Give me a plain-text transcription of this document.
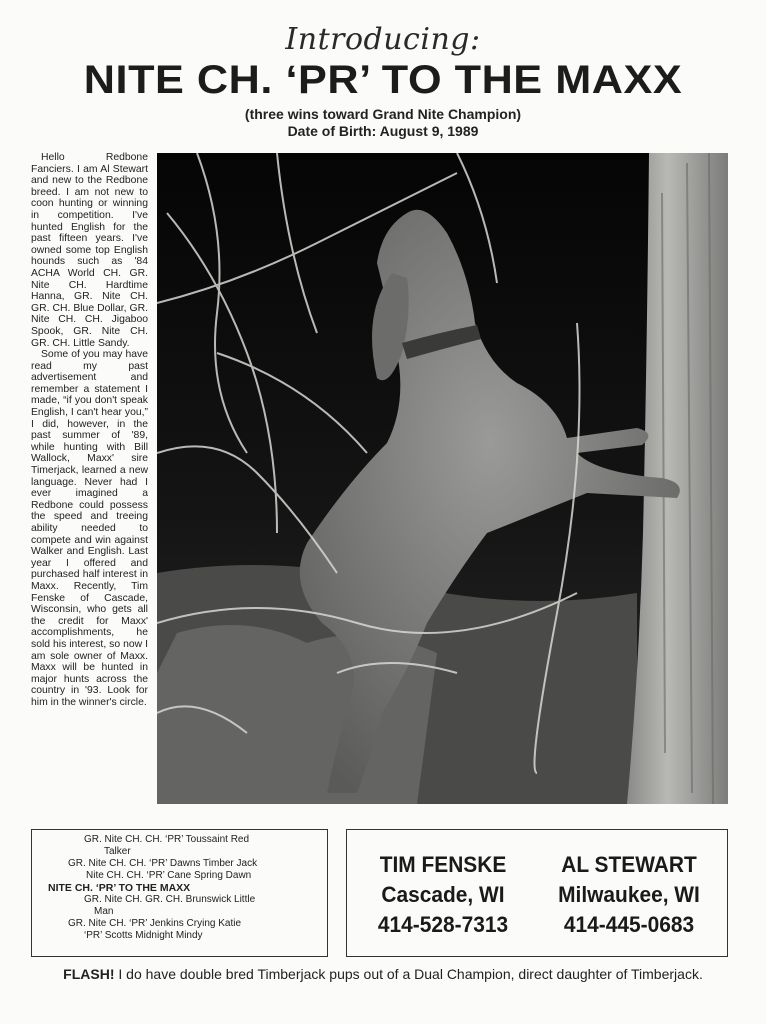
Introducing:
NITE CH. ‘PR’ TO THE MAXX
(three wins toward Grand Nite Champion)
Date of Birth: August 9, 1989

Hello Redbone Fanciers. I am Al Stewart and new to the Redbone breed. I am not new to coon hunting or winning in competition. I've hunted English for the past fifteen years. I've owned some top English hounds such as '84 ACHA World CH. GR. Nite CH. Hardtime Hanna, GR. Nite CH. GR. CH. Blue Dollar, GR. Nite CH. CH. Jigaboo Spook, GR. Nite CH. GR. CH. Little Sandy.

Some of you may have read my past advertisement and remember a statement I made, “if you don't speak English, I can't hear you,” I did, however, in the past summer of '89, while hunting with Bill Wallock, Maxx' sire Timerjack, learned a new language. Never had I ever imagined a Redbone could possess the speed and treeing ability needed to compete and win against Walker and English. Last year I offered and purchased half interest in Maxx. Recently, Tim Fenske of Cascade, Wisconsin, who gets all the credit for Maxx' accomplishments, he sold his interest, so now I am sole owner of Maxx. Maxx will be hunted in major hunts across the country in '93. Look for him in the winner's circle.

GR. Nite CH. CH. ‘PR’ Toussaint Red
Talker
GR. Nite CH. CH. ‘PR’ Dawns Timber Jack
Nite CH. CH. ‘PR’ Cane Spring Dawn
NITE CH. ‘PR’ TO THE MAXX
GR. Nite CH. GR. CH. Brunswick Little
Man
GR. Nite CH. ‘PR’ Jenkins Crying Katie
‘PR’ Scotts Midnight Mindy
TIM FENSKE
Cascade, WI
414-528-7313
AL STEWART
Milwaukee, WI
414-445-0683
FLASH! I do have double bred Timberjack pups out of a Dual Champion, direct daughter of Timberjack.
